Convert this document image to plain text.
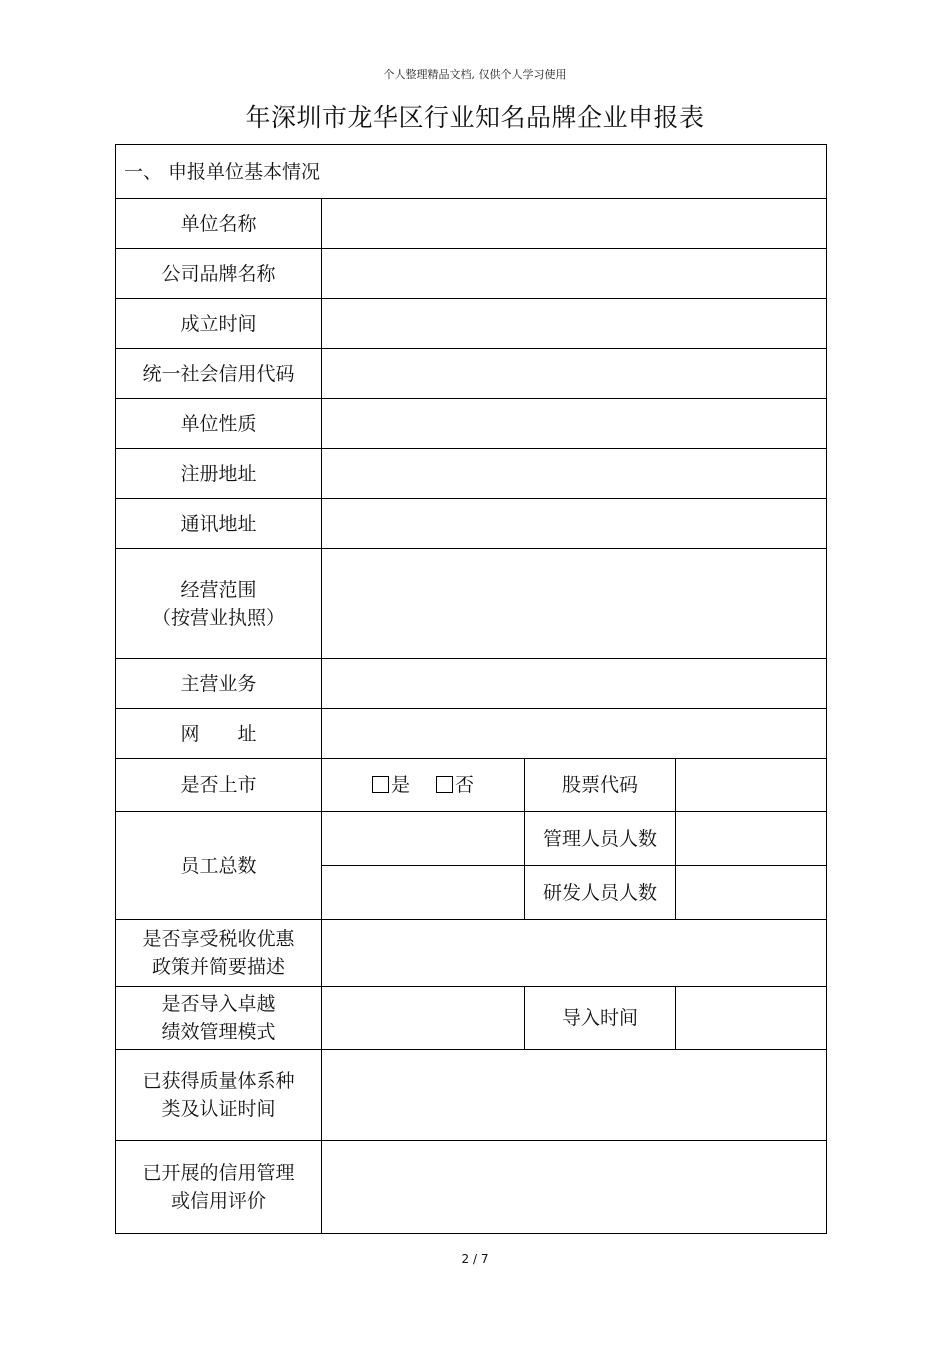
个人整理精品文档, 仅供个人学习使用
年深圳市龙华区行业知名品牌企业申报表
一、 申报单位基本情况			
单位名称			
公司品牌名称			
成立时间			
统一社会信用代码			
单位性质			
注册地址			
通讯地址			

经营范围
（按营业执照）			

主营业务			
网　　址			
是否上市	是 否	股票代码	
员工总数		管理人员人数	
		研发人员人数	

是否享受税收优惠
政策并简要描述			

是否导入卓越
绩效管理模式		导入时间	

已获得质量体系种
类及认证时间			

已开展的信用管理
或信用评价			

2 / 7
